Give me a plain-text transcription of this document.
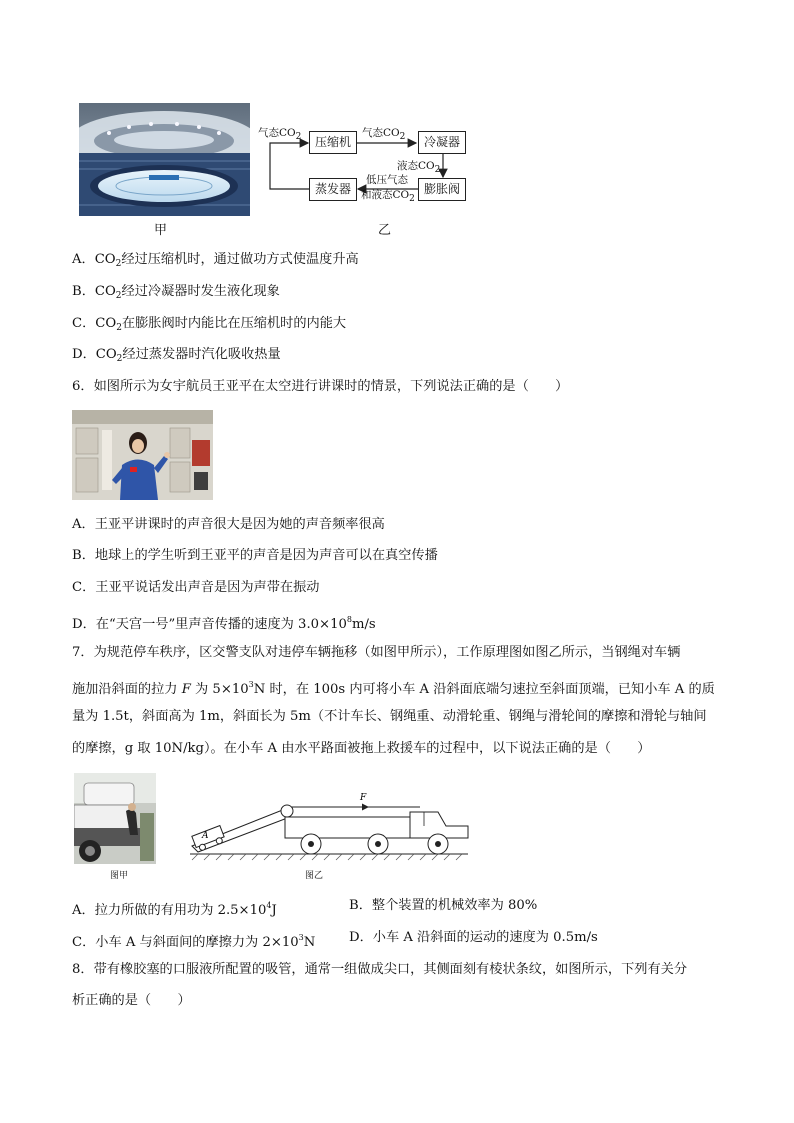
甲
压缩机	冷凝器
膨胀阀
蒸发器
气态CO2	气态CO2
液态CO2
低压气态
和液态CO2
乙
A．$CO_2$经过压缩机时，通过做功方式使温度升高
B．$CO_2$经过冷凝器时发生液化现象
C．$CO_2$在膨胀阀时内能比在压缩机时的内能大
D．$CO_2$经过蒸发器时汽化吸收热量
6．如图所示为女宇航员王亚平在太空进行讲课时的情景，下列说法正确的是（　　）
A．王亚平讲课时的声音很大是因为她的声音频率很高
B．地球上的学生听到王亚平的声音是因为声音可以在真空传播
C．王亚平说话发出声音是因为声带在振动
D．在“天宫一号”里声音传播的速度为 $3.0\times 10^8m/s$
7．为规范停车秩序，区交警支队对违停车辆拖移（如图甲所示），工作原理图如图乙所示，当钢绳对车辆
施加沿斜面的拉力 F 为 $5\times 10^3N$ 时，在 100s 内可将小车 A 沿斜面底端匀速拉至斜面顶端，已知小车 A 的质
量为 1.5t，斜面高为 1m，斜面长为 5m（不计车长、钢绳重、动滑轮重、钢绳与滑轮间的摩擦和滑轮与轴间
的摩擦，g 取 10N/kg）。在小车 A 由水平路面被拖上救援车的过程中，以下说法正确的是（　　）
图甲
F
A
图乙
A．拉力所做的有用功为 $2.5\times 10^4J$	B．整个装置的机械效率为 80%
C．小车 A 与斜面间的摩擦力为 $2\times 10^3N$	D．小车 A 沿斜面的运动的速度为 0.5m/s
8．带有橡胶塞的口服液所配置的吸管，通常一组做成尖口，其侧面刻有棱状条纹，如图所示，下列有关分
析正确的是（　　）
